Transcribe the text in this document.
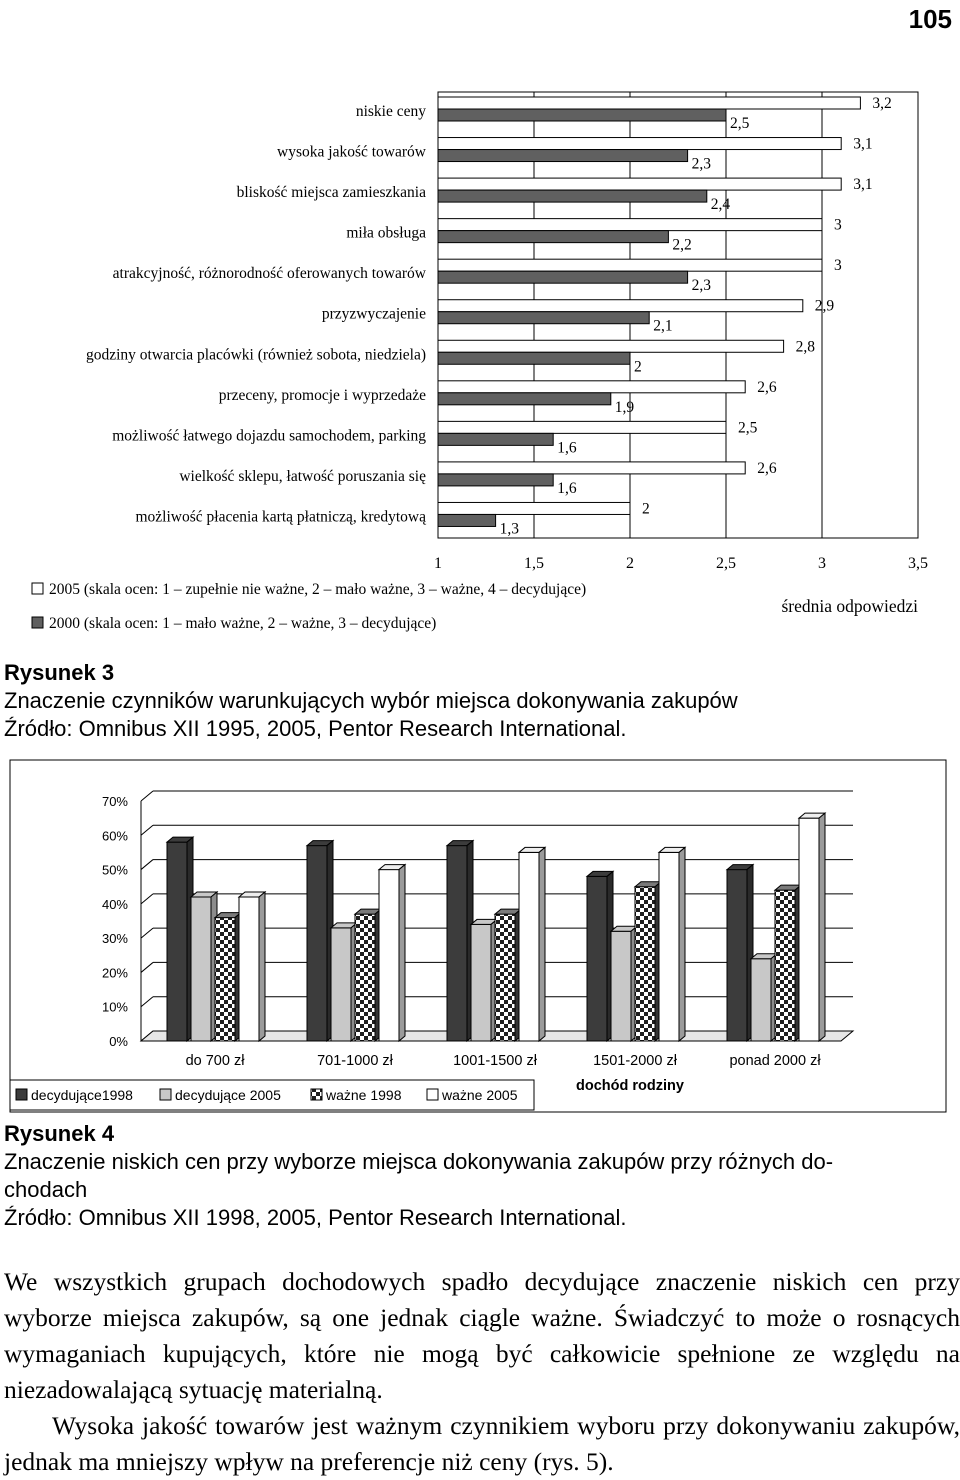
105
1	1,5	2	2,5	3	3,5
niskie ceny	3,2
2,5
wysoka jakość towarów	3,1
2,3
bliskość miejsca zamieszkania	3,1
2,4
miła obsługa	3
2,2
atrakcyjność, różnorodność oferowanych towarów	3
2,3
przyzwyczajenie	2,9
2,1
godziny otwarcia placówki (również sobota, niedziela)	2,8
2
przeceny, promocje i wyprzedaże	2,6
1,9
możliwość łatwego dojazdu samochodem, parking	2,5
1,6
wielkość sklepu, łatwość poruszania się	2,6
1,6
możliwość płacenia kartą płatniczą, kredytową	2
1,3
2005 (skala ocen: 1 – zupełnie nie ważne, 2 – mało ważne, 3 – ważne, 4 – decydujące)
2000 (skala ocen: 1 – mało ważne, 2 – ważne, 3 – decydujące)
średnia odpowiedzi
Rysunek 3
Znaczenie czynników warunkujących wybór miejsca dokonywania zakupów
Źródło: Omnibus XII 1995, 2005, Pentor Research International.
0%
10%
20%
30%
40%
50%
60%
70%
do 700 zł	701-1000 zł	1001-1500 zł	1501-2000 zł	ponad 2000 zł
dochód rodziny
decydujące1998	decydujące 2005	ważne 1998	ważne 2005
Rysunek 4
Znaczenie niskich cen przy wyborze miejsca dokonywania zakupów przy różnych do-
chodach
Źródło: Omnibus XII 1998, 2005, Pentor Research International.

We wszystkich grupach dochodowych spadło decydujące znaczenie niskich cen przy wyborze miejsca zakupów, są one jednak ciągle ważne. Świadczyć to może o rosnących wymaganiach kupujących, które nie mogą być całkowicie spełnione ze względu na niezadowalającą sytuację materialną.

Wysoka jakość towarów jest ważnym czynnikiem wyboru przy dokonywaniu zakupów, jednak ma mniejszy wpływ na preferencje niż ceny (rys. 5).
